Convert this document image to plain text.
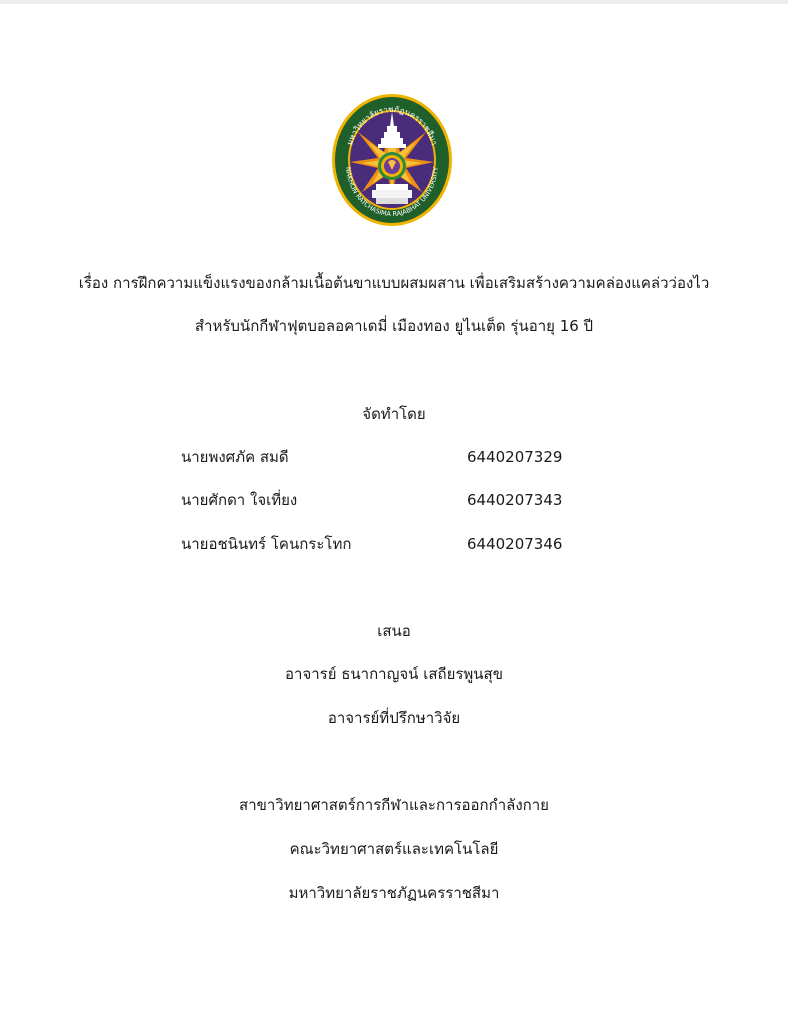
มหาวิทยาลัยราชภัฏนครราชสีมา
NAKHON RATCHASIMA RAJABHAT UNIVERSITY
เรื่อง การฝึกความแข็งแรงของกล้ามเนื้อต้นขาแบบผสมผสาน เพื่อเสริมสร้างความคล่องแคล่วว่องไว
สำหรับนักกีฬาฟุตบอลอคาเดมี่ เมืองทอง ยูไนเต็ด รุ่นอายุ 16 ปี
จัดทำโดย
นายพงศภัค สมดี	6440207329
นายศักดา ใจเที่ยง	6440207343
นายอชนินทร์ โคนกระโทก	6440207346
เสนอ
อาจารย์ ธนากาญจน์ เสถียรพูนสุข
อาจารย์ที่ปรึกษาวิจัย
สาขาวิทยาศาสตร์การกีฬาและการออกกำลังกาย
คณะวิทยาศาสตร์และเทคโนโลยี
มหาวิทยาลัยราชภัฏนครราชสีมา
